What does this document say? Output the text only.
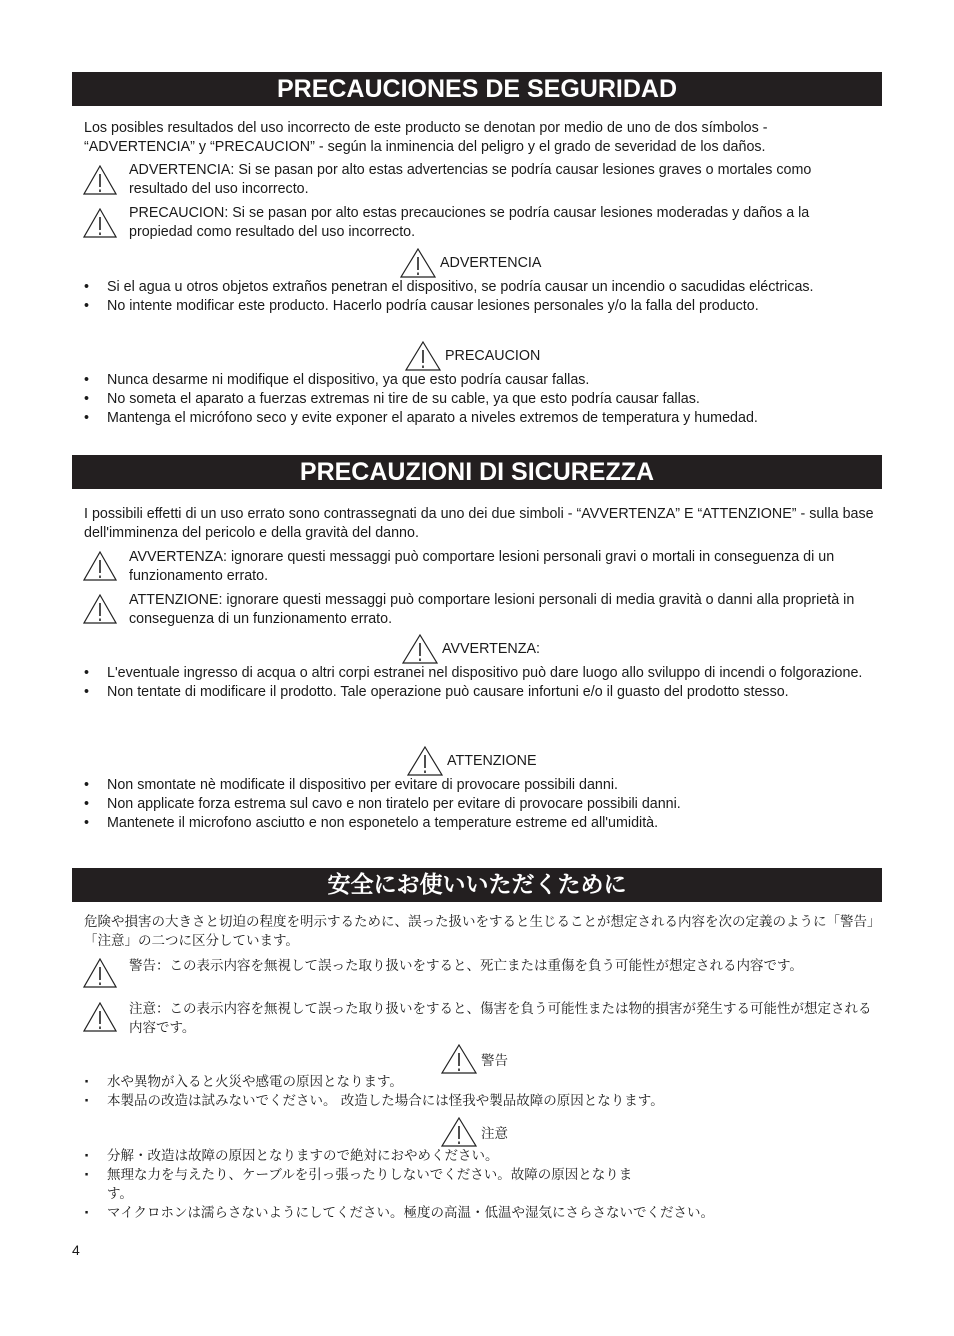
PRECAUCIONES DE SEGURIDAD

Los posibles resultados del uso incorrecto de este producto se denotan por medio de uno de dos símbolos - “ADVERTENCIA” y “PRECAUCION” - según la inminencia del peligro y el grado de severidad de los daños.

ADVERTENCIA: Si se pasan por alto estas advertencias se podría causar lesiones graves o mortales como resultado del uso incorrecto.

PRECAUCION: Si se pasan por alto estas precauciones se podría causar lesiones moderadas y daños a la propiedad como resultado del uso incorrecto.

ADVERTENCIA
• Si el agua u otros objetos extraños penetran el dispositivo, se podría causar un incendio o sacudidas eléctricas.
• No intente modificar este producto. Hacerlo podría causar lesiones personales y/o la falla del producto.
PRECAUCION
• Nunca desarme ni modifique el dispositivo, ya que esto podría causar fallas.
• No someta el aparato a fuerzas extremas ni tire de su cable, ya que esto podría causar fallas.
• Mantenga el micrófono seco y evite exponer el aparato a niveles extremos de temperatura y humedad.
PRECAUZIONI DI SICUREZZA

I possibili effetti di un uso errato sono contrassegnati da uno dei due simboli - “AVVERTENZA” E “ATTENZIONE” - sulla base dell'imminenza del pericolo e della gravità del danno.

AVVERTENZA: ignorare questi messaggi può comportare lesioni personali gravi o mortali in conseguenza di un funzionamento errato.

ATTENZIONE: ignorare questi messaggi può comportare lesioni personali di media gravità o danni alla proprietà in conseguenza di un funzionamento errato.

AVVERTENZA:
• L'eventuale ingresso di acqua o altri corpi estranei nel dispositivo può dare luogo allo sviluppo di incendi o folgorazione.
• Non tentate di modificare il prodotto. Tale operazione può causare infortuni e/o il guasto del prodotto stesso.
ATTENZIONE
• Non smontate nè modificate il dispositivo per evitare di provocare possibili danni.
• Non applicate forza estrema sul cavo e non tiratelo per evitare di provocare possibili danni.
• Mantenete il microfono asciutto e non esponetelo a temperature estreme ed all'umidità.
安全にお使いいただくために

危険や損害の大きさと切迫の程度を明示するために、誤った扱いをすると生じることが想定される内容を次の定義のように「警告」「注意」の二つに区分しています。

警告：この表示内容を無視して誤った取り扱いをすると、死亡または重傷を負う可能性が想定される内容です。

注意：この表示内容を無視して誤った取り扱いをすると、傷害を負う可能性または物的損害が発生する可能性が想定される内容です。

警告
· 水や異物が入ると火災や感電の原因となります。
· 本製品の改造は試みないでください。 改造した場合には怪我や製品故障の原因となります。
注意
· 分解・改造は故障の原因となりますので絶対におやめください。
· 無理な力を与えたり、ケーブルを引っ張ったりしないでください。故障の原因となります。
· マイクロホンは濡らさないようにしてください。極度の高温・低温や湿気にさらさないでください。
4
